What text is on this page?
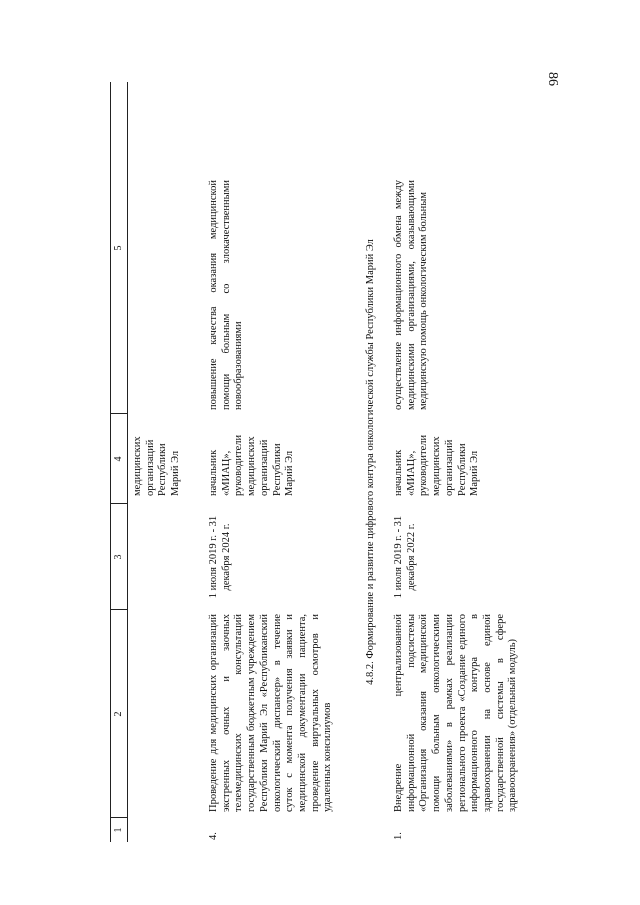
86
1
2
3
4
5
медицинских организаций Республики Марий Эл
4.
Проведение для медицинских организаций экстренных очных и заочных телемедицинских консультаций государственным бюджетным учреждением Республики Марий Эл «Республиканский онкологический диспансер» в течение суток с момента получения заявки и медицинской документации пациента, проведение виртуальных осмотров и удаленных консилиумов
1 июля 2019 г. - 31 декабря 2024 г.
начальник «МИАЦ», руководители медицинских организаций Республики Марий Эл
повышение качества оказания медицинской помощи больным со злокачественными новообразованиями	4.8.2. Формирование и развитие цифрового контура онкологической службы Республики Марий Эл
1.
Внедрение централизованной информационной подсистемы «Организация оказания медицинской помощи больным онкологическими заболеваниями» в рамках реализации регионального проекта «Создание единого информационного контура в здравоохранении на основе единой государственной системы в сфере здравоохранения» (отдельный модуль)
1 июля 2019 г. - 31 декабря 2022 г.
начальник «МИАЦ», руководители медицинских организаций Республики Марий Эл
осуществление информационного обмена между медицинскими организациями, оказывающими медицинскую помощь онкологическим больным
